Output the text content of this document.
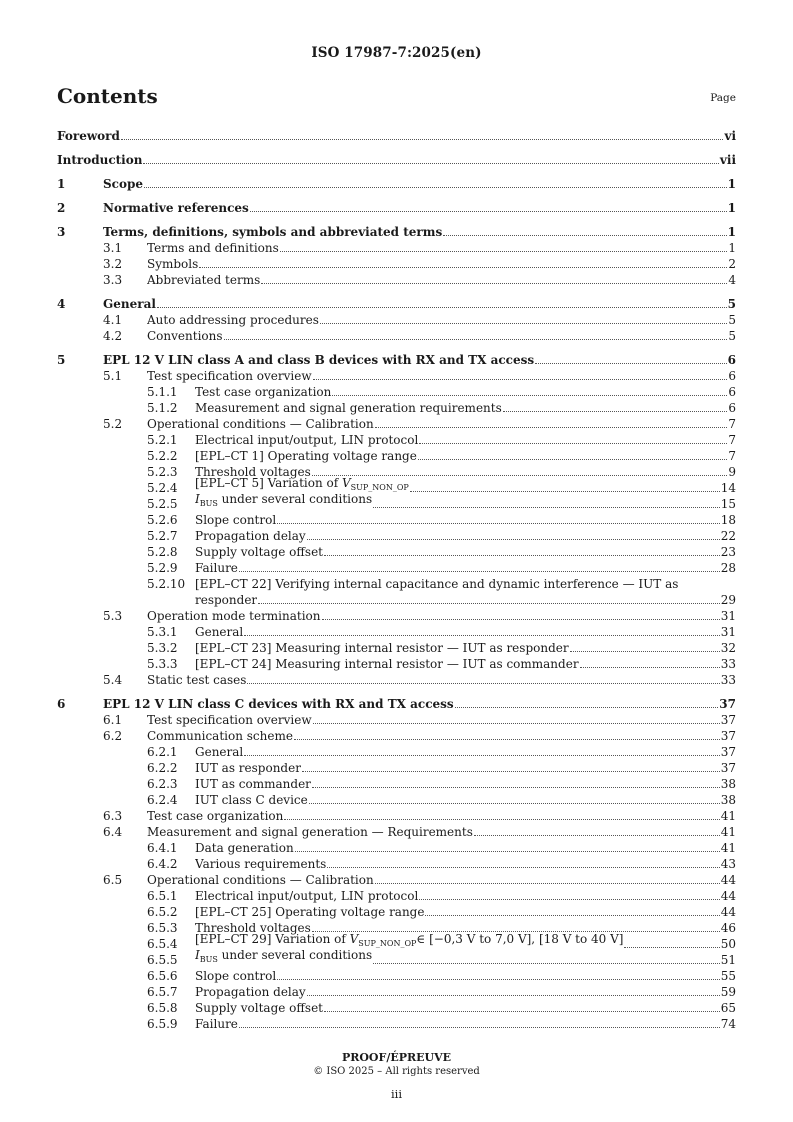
ISO 17987-7:2025(en)
Contents	Page
Foreword	vi
Introduction	vii
1	Scope	1
2	Normative references	1
3	Terms, definitions, symbols and abbreviated terms	1
3.1	Terms and definitions	1
3.2	Symbols	2
3.3	Abbreviated terms	4
4	General	5
4.1	Auto addressing procedures	5
4.2	Conventions	5
5	EPL 12 V LIN class A and class B devices with RX and TX access	6
5.1	Test specification overview	6
5.1.1	Test case organization	6
5.1.2	Measurement and signal generation requirements	6
5.2	Operational conditions — Calibration	7
5.2.1	Electrical input/output, LIN protocol	7
5.2.2	[EPL–CT 1] Operating voltage range	7
5.2.3	Threshold voltages	9
5.2.4	[EPL–CT 5] Variation of $V_{SUP\_NON\_OP}$	14
5.2.5	$I_{BUS}$ under several conditions	15
5.2.6	Slope control	18
5.2.7	Propagation delay	22
5.2.8	Supply voltage offset	23
5.2.9	Failure	28
5.2.10 [EPL–CT 22] Verifying internal capacitance and dynamic interference — IUT as
responder	29
5.3	Operation mode termination	31
5.3.1	General	31
5.3.2	[EPL–CT 23] Measuring internal resistor — IUT as responder	32
5.3.3	[EPL–CT 24] Measuring internal resistor — IUT as commander	33
5.4	Static test cases	33
6	EPL 12 V LIN class C devices with RX and TX access	37
6.1	Test specification overview	37
6.2	Communication scheme	37
6.2.1	General	37
6.2.2	IUT as responder	37
6.2.3	IUT as commander	38
6.2.4	IUT class C device	38
6.3	Test case organization	41
6.4	Measurement and signal generation — Requirements	41
6.4.1	Data generation	41
6.4.2	Various requirements	43
6.5	Operational conditions — Calibration	44
6.5.1	Electrical input/output, LIN protocol	44
6.5.2	[EPL–CT 25] Operating voltage range	44
6.5.3	Threshold voltages	46
6.5.4	[EPL–CT 29] Variation of $V_{SUP\_NON\_OP}\in$ [−0,3 V to 7,0 V], [18 V to 40 V]	50
6.5.5	$I_{BUS}$ under several conditions	51
6.5.6	Slope control	55
6.5.7	Propagation delay	59
6.5.8	Supply voltage offset	65
6.5.9	Failure	74
PROOF/ÉPREUVE
© ISO 2025 – All rights reserved
iii
